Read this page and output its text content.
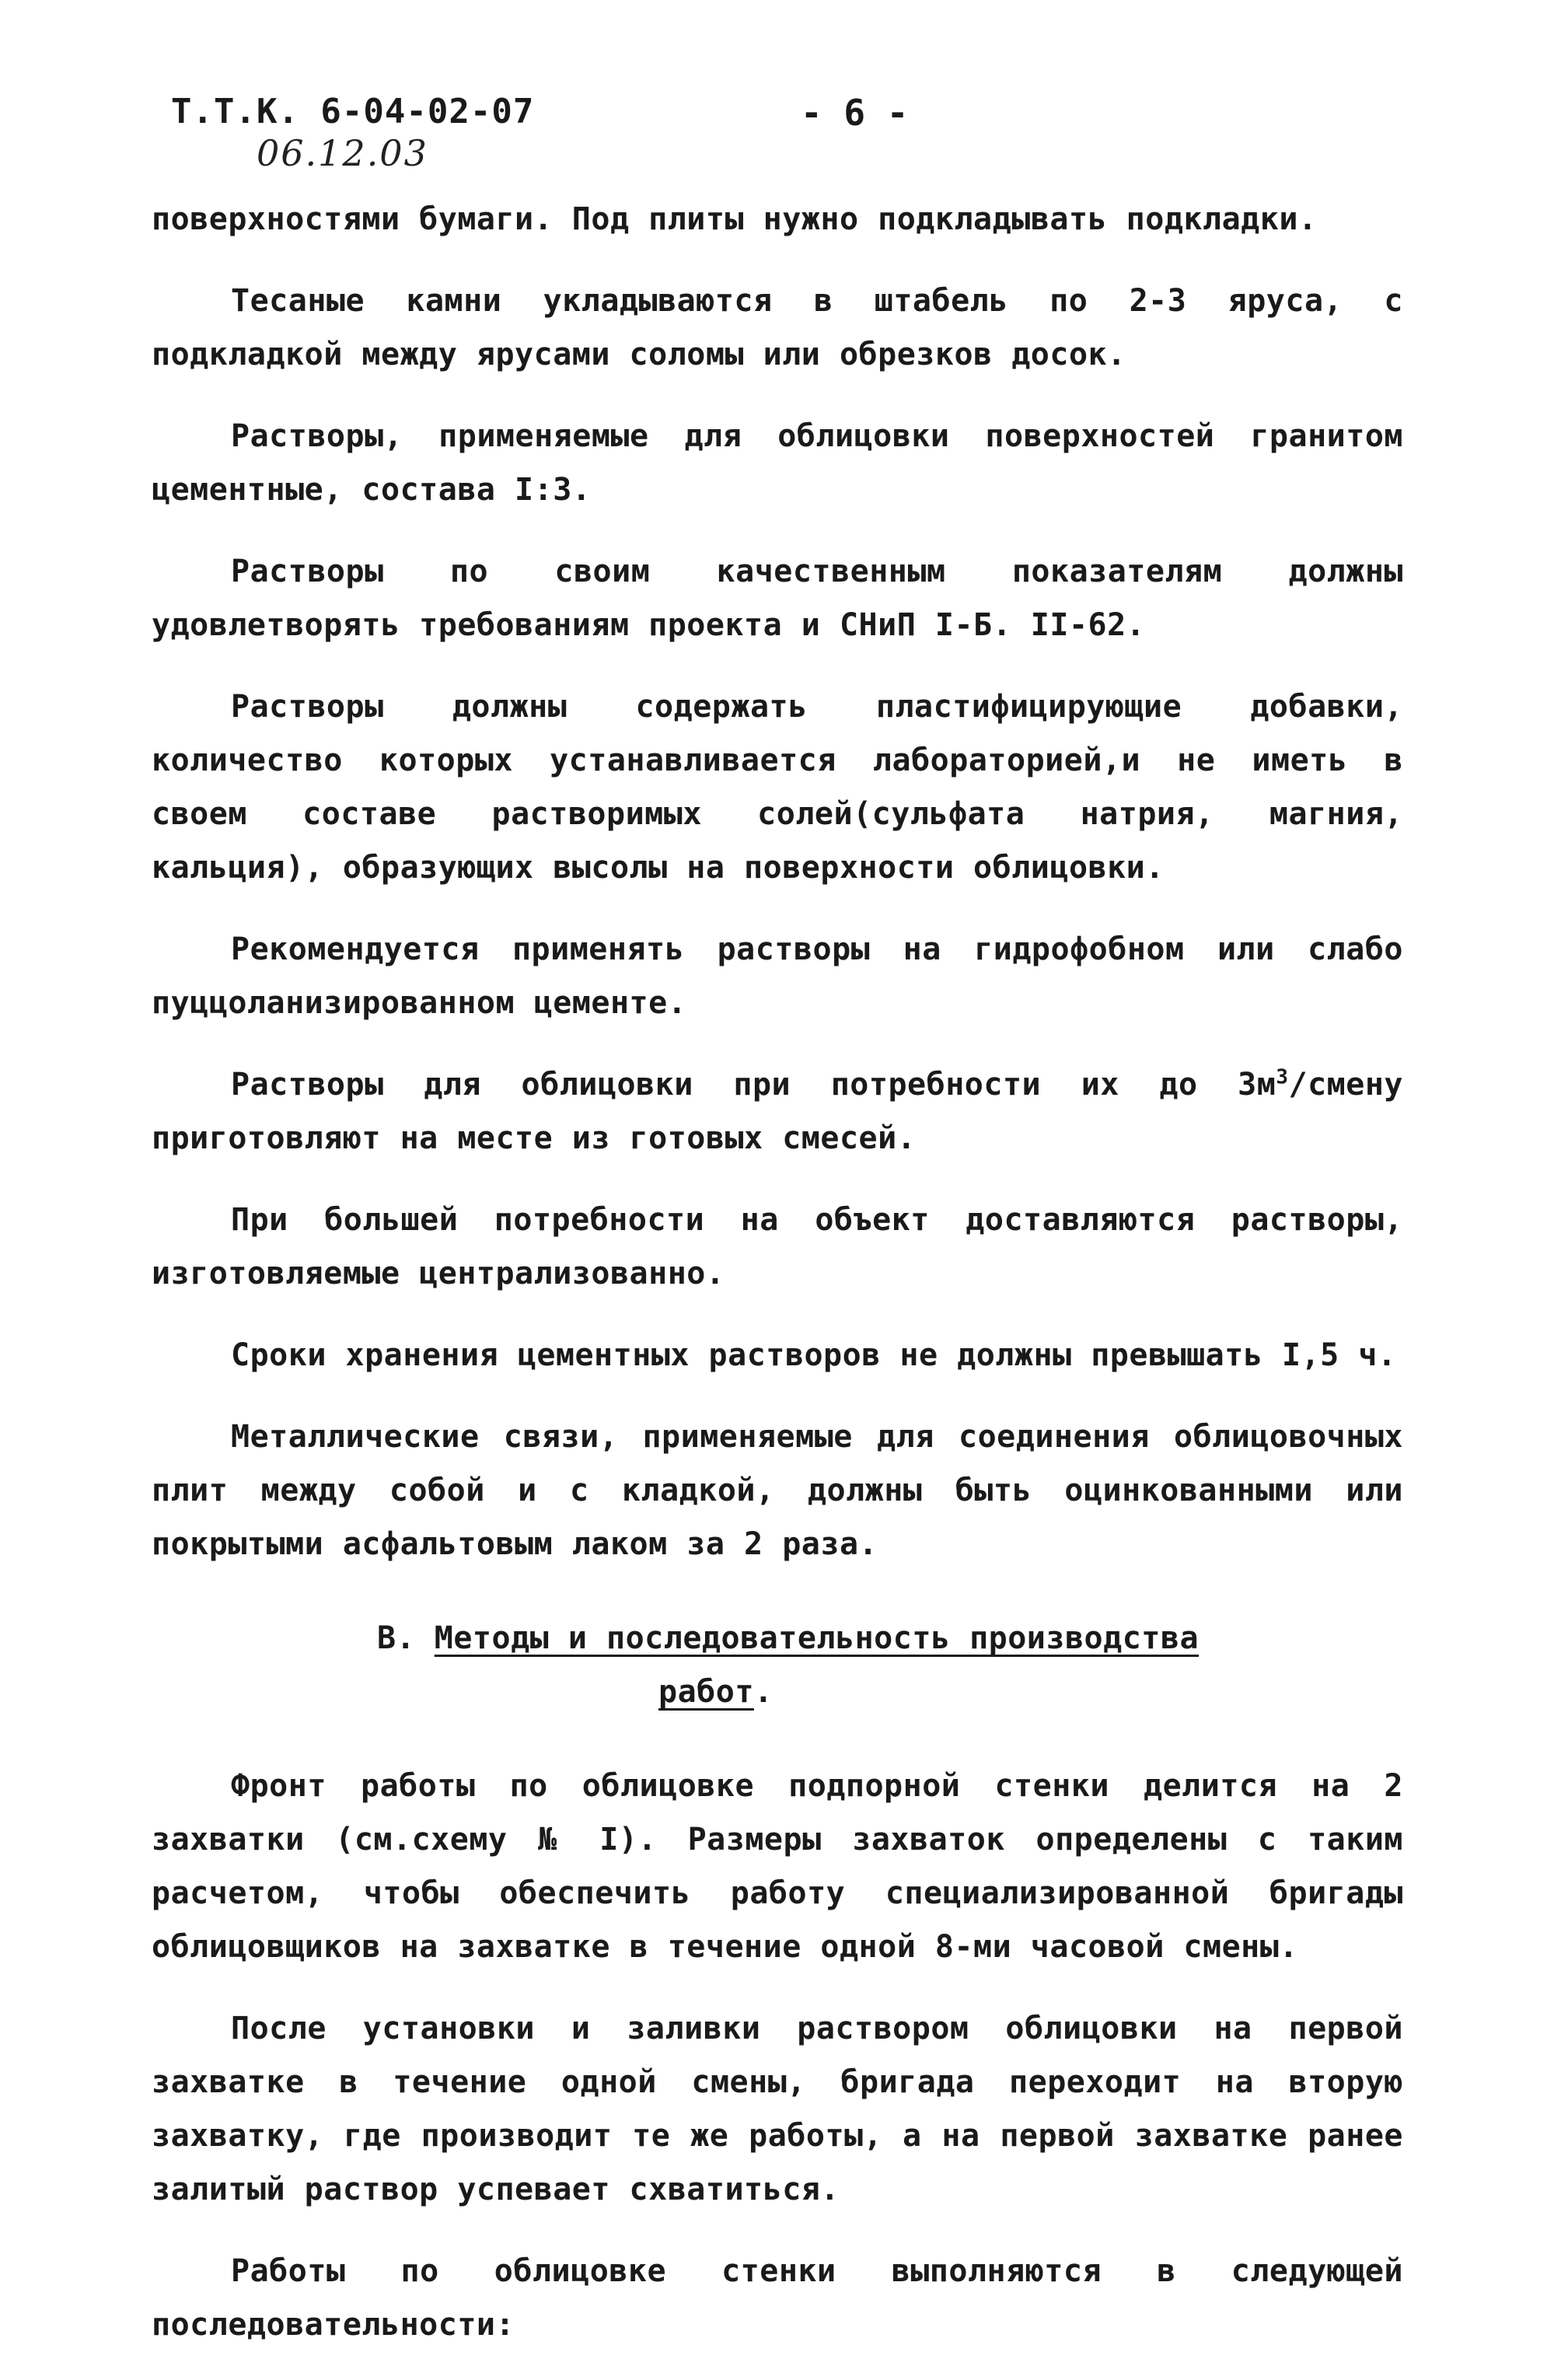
Т.Т.К. 6-04-02-07
06.12.03
- 6 -

поверхностями бумаги. Под плиты нужно подкладывать подкладки.

Тесаные камни укладываются в штабель по 2-3 яруса, с подкладкой между ярусами соломы или обрезков досок.

Растворы, применяемые для облицовки поверхностей гранитом цементные, состава I:3.

Растворы по своим качественным показателям должны удовлетворять требованиям проекта и СНиП I-Б. II-62.

Растворы должны содержать пластифицирующие добавки, количество которых устанавливается лабораторией,и не иметь в своем составе растворимых солей(сульфата натрия, магния, кальция), образующих высолы на поверхности облицовки.

Рекомендуется применять растворы на гидрофобном или слабо пуццоланизированном цементе.

Растворы для облицовки при потребности их до $3м^3$/смену приготовляют на месте из готовых смесей.

При большей потребности на объект доставляются растворы, изготовляемые централизованно.

Сроки хранения цементных растворов не должны превышать I,5 ч.

Металлические связи, применяемые для соединения облицовочных плит между собой и с кладкой, должны быть оцинкованными или покрытыми асфальтовым лаком за 2 раза.

В. Методы и последовательность производства
работ.

Фронт работы по облицовке подпорной стенки делится на 2 захватки (см.схему № I). Размеры захваток определены с таким расчетом, чтобы обеспечить работу специализированной бригады облицовщиков на захватке в течение одной 8-ми часовой смены.

После установки и заливки раствором облицовки на первой захватке в течение одной смены, бригада переходит на вторую захватку, где производит те же работы, а на первой захватке ранее залитый раствор успевает схватиться.

Работы по облицовке стенки выполняются в следующей последовательности:
